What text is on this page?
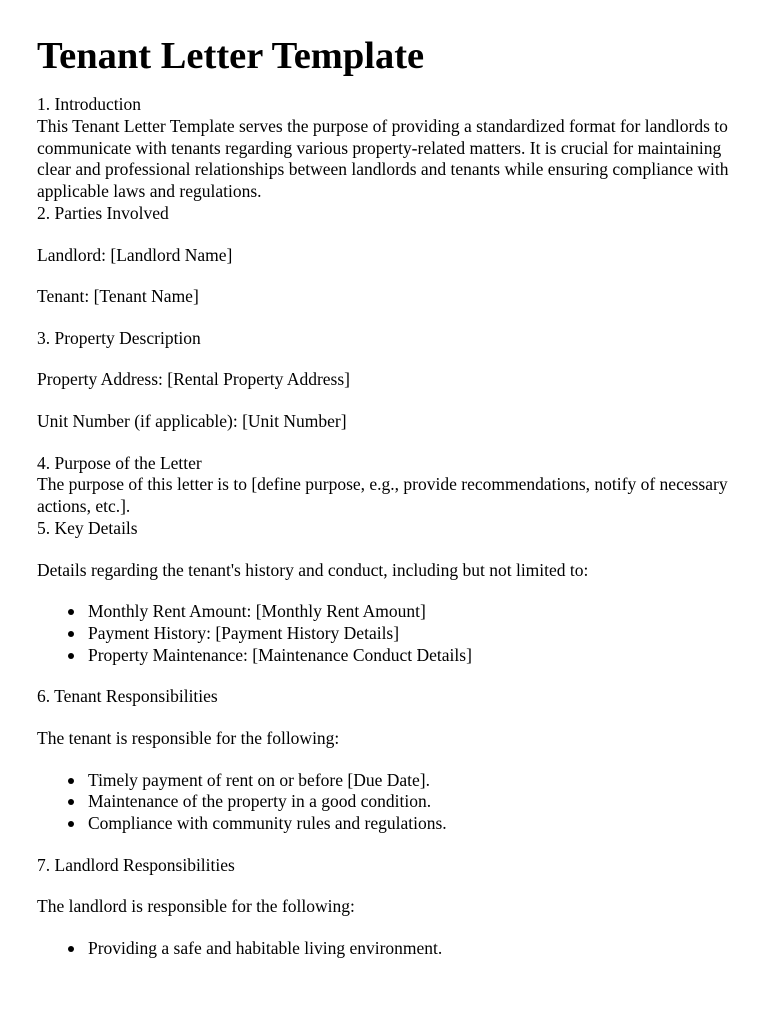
Tenant Letter Template

1. Introduction

This Tenant Letter Template serves the purpose of providing a standardized format for landlords to communicate with tenants regarding various property-related matters. It is crucial for maintaining clear and professional relationships between landlords and tenants while ensuring compliance with applicable laws and regulations.

2. Parties Involved

Landlord: [Landlord Name]

Tenant: [Tenant Name]

3. Property Description

Property Address: [Rental Property Address]

Unit Number (if applicable): [Unit Number]

4. Purpose of the Letter

The purpose of this letter is to [define purpose, e.g., provide recommendations, notify of necessary actions, etc.].

5. Key Details

Details regarding the tenant's history and conduct, including but not limited to:

Monthly Rent Amount: [Monthly Rent Amount]
Payment History: [Payment History Details]
Property Maintenance: [Maintenance Conduct Details]

6. Tenant Responsibilities

The tenant is responsible for the following:

Timely payment of rent on or before [Due Date].
Maintenance of the property in a good condition.
Compliance with community rules and regulations.

7. Landlord Responsibilities

The landlord is responsible for the following:

Providing a safe and habitable living environment.
